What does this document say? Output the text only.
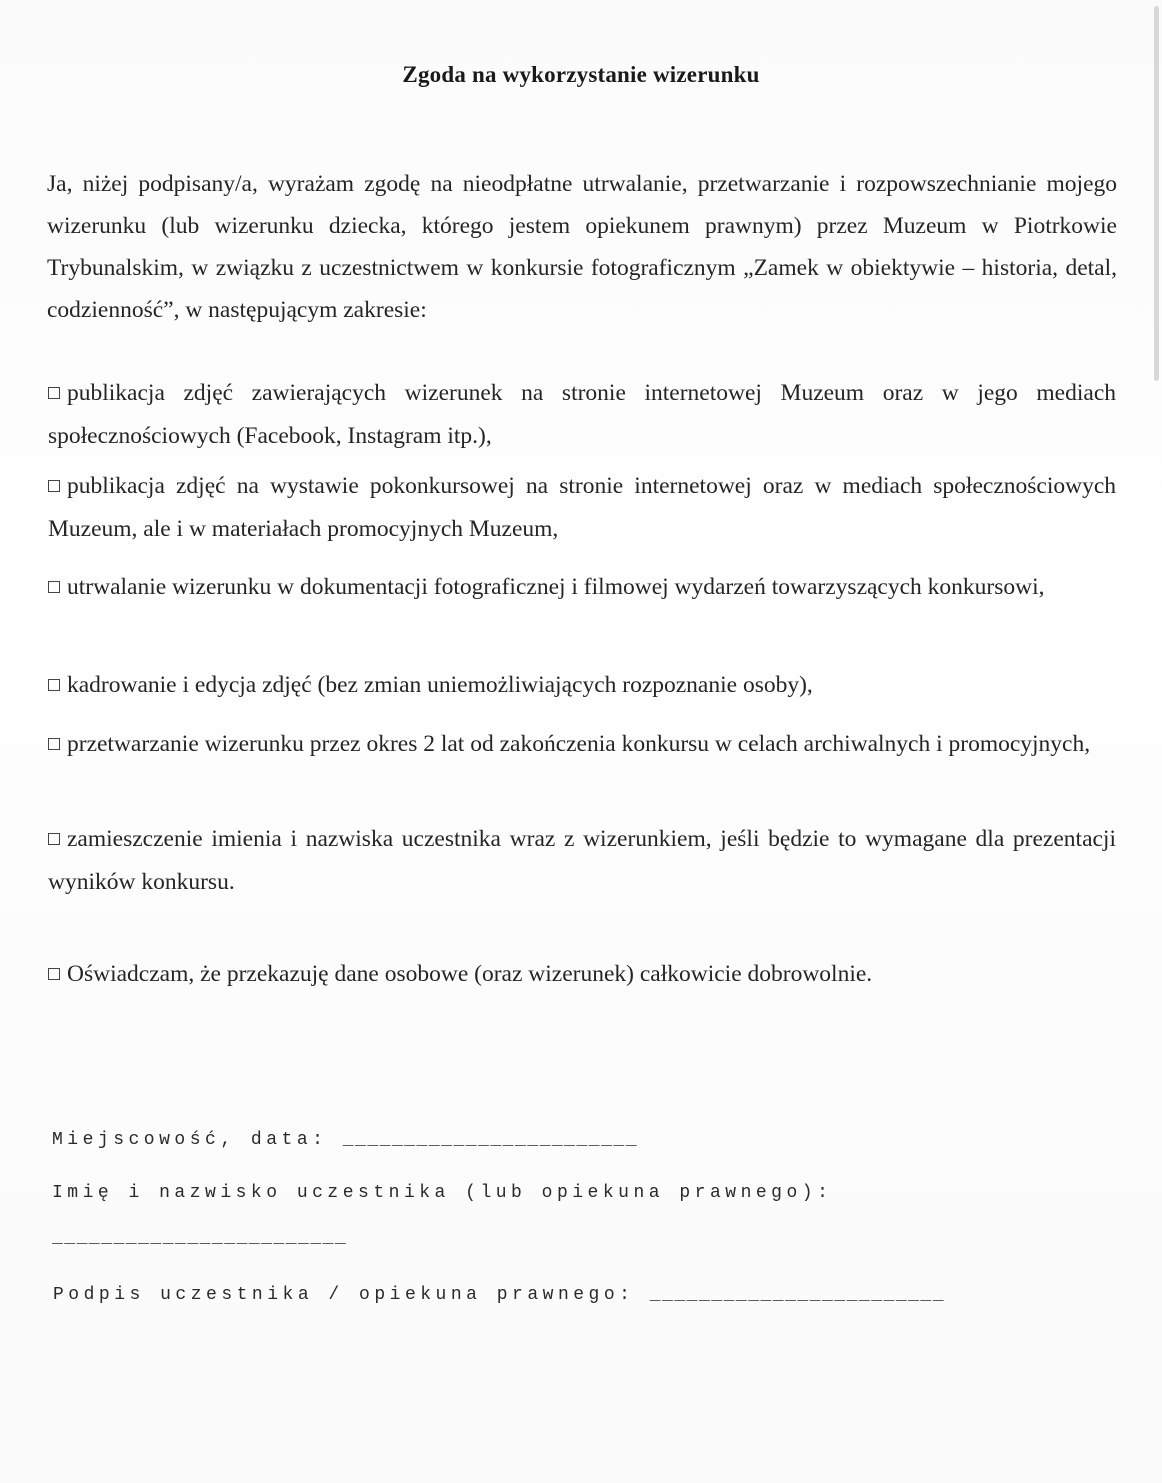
Zgoda na wykorzystanie wizerunku
Ja, niżej podpisany/a, wyrażam zgodę na nieodpłatne utrwalanie, przetwarzanie i rozpowszechnianie mojego wizerunku (lub wizerunku dziecka, którego jestem opiekunem prawnym) przez Muzeum w Piotrkowie Trybunalskim, w związku z uczestnictwem w konkursie fotograficznym „Zamek w obiektywie – historia, detal, codzienność”, w następującym zakresie:
publikacja zdjęć zawierających wizerunek na stronie internetowej Muzeum oraz w jego mediach społecznościowych (Facebook, Instagram itp.),
publikacja zdjęć na wystawie pokonkursowej na stronie internetowej oraz w mediach społecznościowych Muzeum, ale i w materiałach promocyjnych Muzeum,
utrwalanie wizerunku w dokumentacji fotograficznej i filmowej wydarzeń towarzyszących konkursowi,
kadrowanie i edycja zdjęć (bez zmian uniemożliwiających rozpoznanie osoby),
przetwarzanie wizerunku przez okres 2 lat od zakończenia konkursu w celach archiwalnych i promocyjnych,
zamieszczenie imienia i nazwiska uczestnika wraz z wizerunkiem, jeśli będzie to wymagane dla prezentacji wyników konkursu.
Oświadczam, że przekazuję dane osobowe (oraz wizerunek) całkowicie dobrowolnie.
Miejscowość, data: ________________________
Imię i nazwisko uczestnika (lub opiekuna prawnego):
________________________
Podpis uczestnika / opiekuna prawnego: ________________________
